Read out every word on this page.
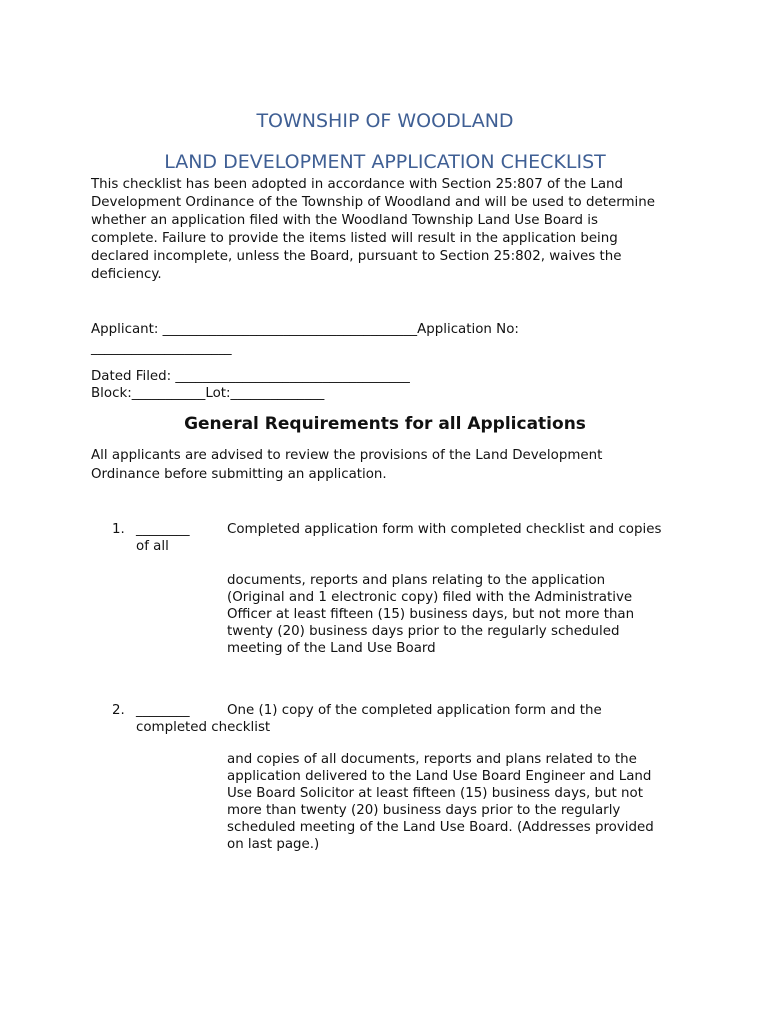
TOWNSHIP OF WOODLAND
LAND DEVELOPMENT APPLICATION CHECKLIST
This checklist has been adopted in accordance with Section 25:807 of the Land
Development Ordinance of the Township of Woodland and will be used to determine
whether an application filed with the Woodland Township Land Use Board is
complete. Failure to provide the items listed will result in the application being
declared incomplete, unless the Board, pursuant to Section 25:802, waives the
deficiency.
Applicant: ______________________________________Application No:
_____________________
Dated Filed: ___________________________________
Block:___________Lot:______________
General Requirements for all Applications
All applicants are advised to review the provisions of the Land Development
Ordinance before submitting an application.
1. ________	Completed application form with completed checklist and copies
of all
documents, reports and plans relating to the application
(Original and 1 electronic copy) filed with the Administrative
Officer at least fifteen (15) business days, but not more than
twenty (20) business days prior to the regularly scheduled
meeting of the Land Use Board
2. ________	One (1) copy of the completed application form and the
completed checklist
and copies of all documents, reports and plans related to the
application delivered to the Land Use Board Engineer and Land
Use Board Solicitor at least fifteen (15) business days, but not
more than twenty (20) business days prior to the regularly
scheduled meeting of the Land Use Board. (Addresses provided
on last page.)
